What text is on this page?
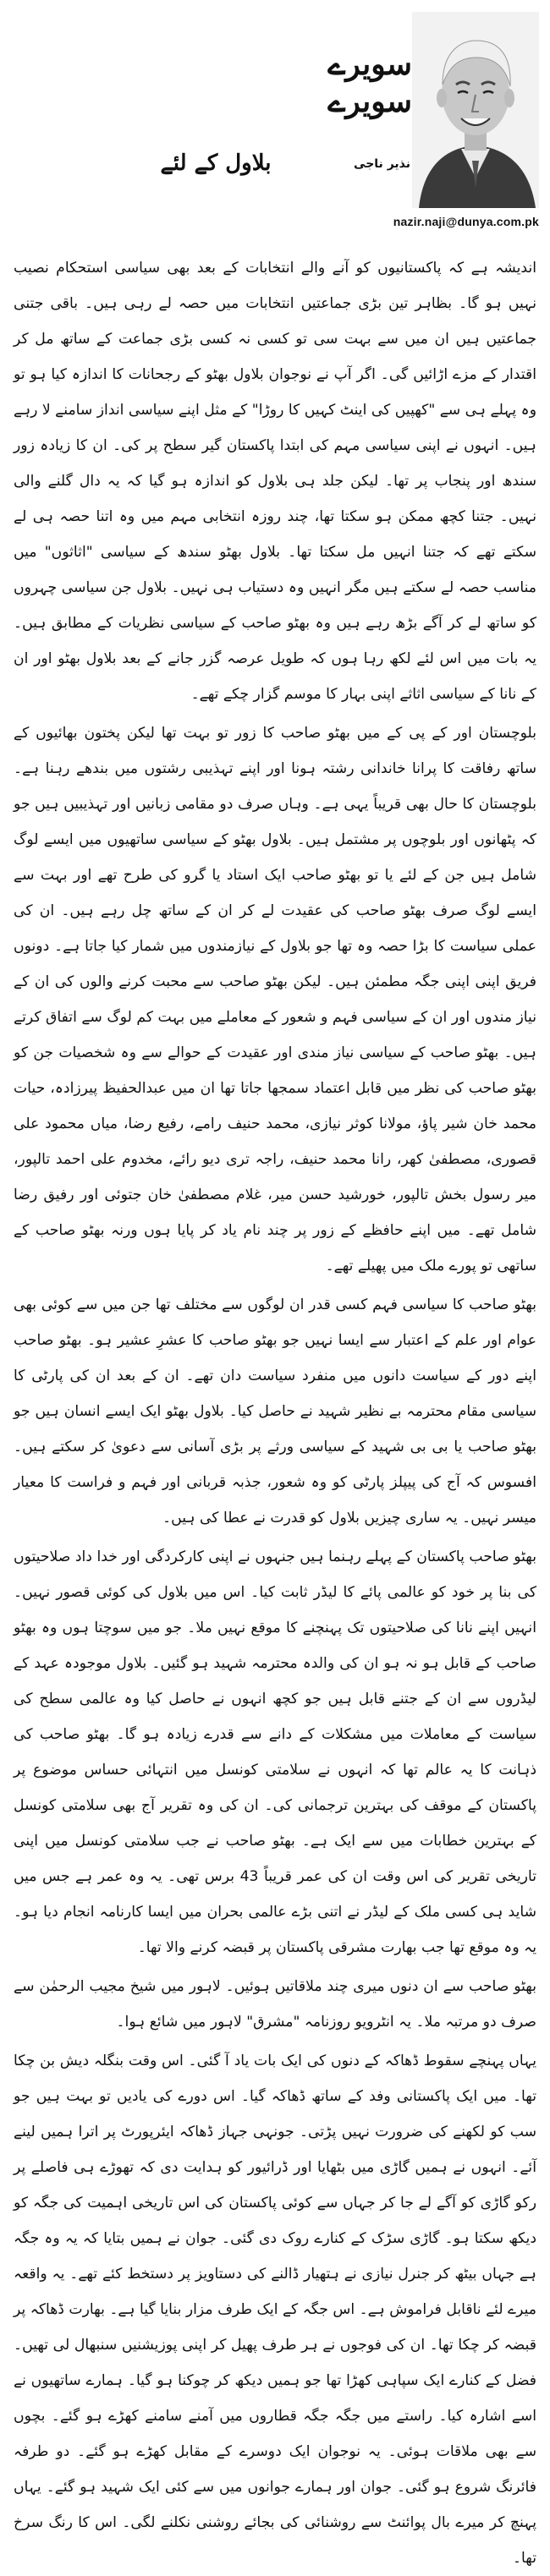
سویرے
سویرے
نذیر ناجی
nazir.naji@dunya.com.pk
بلاول کے لئے

اندیشہ ہے کہ پاکستانیوں کو آنے والے انتخابات کے بعد بھی سیاسی استحکام نصیب نہیں ہو گا۔ بظاہر تین بڑی جماعتیں انتخابات میں حصہ لے رہی ہیں۔ باقی جتنی جماعتیں ہیں ان میں سے بہت سی تو کسی نہ کسی بڑی جماعت کے ساتھ مل کر اقتدار کے مزے اڑائیں گی۔ اگر آپ نے نوجوان بلاول بھٹو کے رجحانات کا اندازہ کیا ہو تو وہ پہلے ہی سے "کھپیں کی اینٹ کہیں کا روڑا" کے مثل اپنے سیاسی انداز سامنے لا رہے ہیں۔ انہوں نے اپنی سیاسی مہم کی ابتدا پاکستان گیر سطح پر کی۔ ان کا زیادہ زور سندھ اور پنجاب پر تھا۔ لیکن جلد ہی بلاول کو اندازہ ہو گیا کہ یہ دال گلنے والی نہیں۔ جتنا کچھ ممکن ہو سکتا تھا، چند روزہ انتخابی مہم میں وہ اتنا حصہ ہی لے سکتے تھے کہ جتنا انہیں مل سکتا تھا۔ بلاول بھٹو سندھ کے سیاسی "اثاثوں" میں مناسب حصہ لے سکتے ہیں مگر انہیں وہ دستیاب ہی نہیں۔ بلاول جن سیاسی چہروں کو ساتھ لے کر آگے بڑھ رہے ہیں وہ بھٹو صاحب کے سیاسی نظریات کے مطابق ہیں۔ یہ بات میں اس لئے لکھ رہا ہوں کہ طویل عرصہ گزر جانے کے بعد بلاول بھٹو اور ان کے نانا کے سیاسی اثاثے اپنی بہار کا موسم گزار چکے تھے۔

بلوچستان اور کے پی کے میں بھٹو صاحب کا زور تو بہت تھا لیکن پختون بھائیوں کے ساتھ رفاقت کا پرانا خاندانی رشتہ ہونا اور اپنے تہذیبی رشتوں میں بندھے رہنا ہے۔ بلوچستان کا حال بھی قریباً یہی ہے۔ وہاں صرف دو مقامی زبانیں اور تہذیبیں ہیں جو کہ پٹھانوں اور بلوچوں پر مشتمل ہیں۔ بلاول بھٹو کے سیاسی ساتھیوں میں ایسے لوگ شامل ہیں جن کے لئے یا تو بھٹو صاحب ایک استاد یا گرو کی طرح تھے اور بہت سے ایسے لوگ صرف بھٹو صاحب کی عقیدت لے کر ان کے ساتھ چل رہے ہیں۔ ان کی عملی سیاست کا بڑا حصہ وہ تھا جو بلاول کے نیازمندوں میں شمار کیا جاتا ہے۔ دونوں فریق اپنی اپنی جگہ مطمئن ہیں۔ لیکن بھٹو صاحب سے محبت کرنے والوں کی ان کے نیاز مندوں اور ان کے سیاسی فہم و شعور کے معاملے میں بہت کم لوگ سے اتفاق کرتے ہیں۔ بھٹو صاحب کے سیاسی نیاز مندی اور عقیدت کے حوالے سے وہ شخصیات جن کو بھٹو صاحب کی نظر میں قابل اعتماد سمجھا جاتا تھا ان میں عبدالحفیظ پیرزادہ، حیات محمد خان شیر پاؤ، مولانا کوثر نیازی، محمد حنیف رامے، رفیع رضا، میاں محمود علی قصوری، مصطفیٰ کھر، رانا محمد حنیف، راجہ تری دیو رائے، مخدوم علی احمد تالپور، میر رسول بخش تالپور، خورشید حسن میر، غلام مصطفیٰ خان جتوئی اور رفیق رضا شامل تھے۔ میں اپنے حافظے کے زور پر چند نام یاد کر پایا ہوں ورنہ بھٹو صاحب کے ساتھی تو پورے ملک میں پھیلے تھے۔

بھٹو صاحب کا سیاسی فہم کسی قدر ان لوگوں سے مختلف تھا جن میں سے کوئی بھی عوام اور علم کے اعتبار سے ایسا نہیں جو بھٹو صاحب کا عشرِ عشیر ہو۔ بھٹو صاحب اپنے دور کے سیاست دانوں میں منفرد سیاست دان تھے۔ ان کے بعد ان کی پارٹی کا سیاسی مقام محترمہ بے نظیر شہید نے حاصل کیا۔ بلاول بھٹو ایک ایسے انسان ہیں جو بھٹو صاحب یا بی بی شہید کے سیاسی ورثے پر بڑی آسانی سے دعویٰ کر سکتے ہیں۔ افسوس کہ آج کی پیپلز پارٹی کو وہ شعور، جذبہ قربانی اور فہم و فراست کا معیار میسر نہیں۔ یہ ساری چیزیں بلاول کو قدرت نے عطا کی ہیں۔

بھٹو صاحب پاکستان کے پہلے رہنما ہیں جنہوں نے اپنی کارکردگی اور خدا داد صلاحیتوں کی بنا پر خود کو عالمی پائے کا لیڈر ثابت کیا۔ اس میں بلاول کی کوئی قصور نہیں۔ انہیں اپنے نانا کی صلاحیتوں تک پہنچنے کا موقع نہیں ملا۔ جو میں سوچتا ہوں وہ بھٹو صاحب کے قابل ہو نہ ہو ان کی والدہ محترمہ شہید ہو گئیں۔ بلاول موجودہ عہد کے لیڈروں سے ان کے جتنے قابل ہیں جو کچھ انہوں نے حاصل کیا وہ عالمی سطح کی سیاست کے معاملات میں مشکلات کے دانے سے قدرے زیادہ ہو گا۔ بھٹو صاحب کی ذہانت کا یہ عالم تھا کہ انہوں نے سلامتی کونسل میں انتہائی حساس موضوع پر پاکستان کے موقف کی بہترین ترجمانی کی۔ ان کی وہ تقریر آج بھی سلامتی کونسل کے بہترین خطابات میں سے ایک ہے۔ بھٹو صاحب نے جب سلامتی کونسل میں اپنی تاریخی تقریر کی اس وقت ان کی عمر قریباً 43 برس تھی۔ یہ وہ عمر ہے جس میں شاید ہی کسی ملک کے لیڈر نے اتنی بڑے عالمی بحران میں ایسا کارنامہ انجام دیا ہو۔ یہ وہ موقع تھا جب بھارت مشرقی پاکستان پر قبضہ کرنے والا تھا۔

بھٹو صاحب سے ان دنوں میری چند ملاقاتیں ہوئیں۔ لاہور میں شیخ مجیب الرحمٰن سے صرف دو مرتبہ ملا۔ یہ انٹرویو روزنامہ "مشرق" لاہور میں شائع ہوا۔

یہاں پہنچے سقوط ڈھاکہ کے دنوں کی ایک بات یاد آ گئی۔ اس وقت بنگلہ دیش بن چکا تھا۔ میں ایک پاکستانی وفد کے ساتھ ڈھاکہ گیا۔ اس دورے کی یادیں تو بہت ہیں جو سب کو لکھنے کی ضرورت نہیں پڑتی۔ جونہی جہاز ڈھاکہ ایئرپورٹ پر اترا ہمیں لینے آئے۔ انہوں نے ہمیں گاڑی میں بٹھایا اور ڈرائیور کو ہدایت دی کہ تھوڑے ہی فاصلے پر رکو گاڑی کو آگے لے جا کر جہاں سے کوئی پاکستان کی اس تاریخی اہمیت کی جگہ کو دیکھ سکتا ہو۔ گاڑی سڑک کے کنارے روک دی گئی۔ جوان نے ہمیں بتایا کہ یہ وہ جگہ ہے جہاں بیٹھ کر جنرل نیازی نے ہتھیار ڈالنے کی دستاویز پر دستخط کئے تھے۔ یہ واقعہ میرے لئے ناقابل فراموش ہے۔ اس جگہ کے ایک طرف مزار بنایا گیا ہے۔ بھارت ڈھاکہ پر قبضہ کر چکا تھا۔ ان کی فوجوں نے ہر طرف پھیل کر اپنی پوزیشنیں سنبھال لی تھیں۔ فضل کے کنارے ایک سپاہی کھڑا تھا جو ہمیں دیکھ کر چوکنا ہو گیا۔ ہمارے ساتھیوں نے اسے اشارہ کیا۔ راستے میں جگہ جگہ قطاروں میں آمنے سامنے کھڑے ہو گئے۔ بچوں سے بھی ملاقات ہوئی۔ یہ نوجوان ایک دوسرے کے مقابل کھڑے ہو گئے۔ دو طرفہ فائرنگ شروع ہو گئی۔ جوان اور ہمارے جوانوں میں سے کئی ایک شہید ہو گئے۔ یہاں پہنچ کر میرے بال پوائنٹ سے روشنائی کی بجائے روشنی نکلنے لگی۔ اس کا رنگ سرخ تھا۔
